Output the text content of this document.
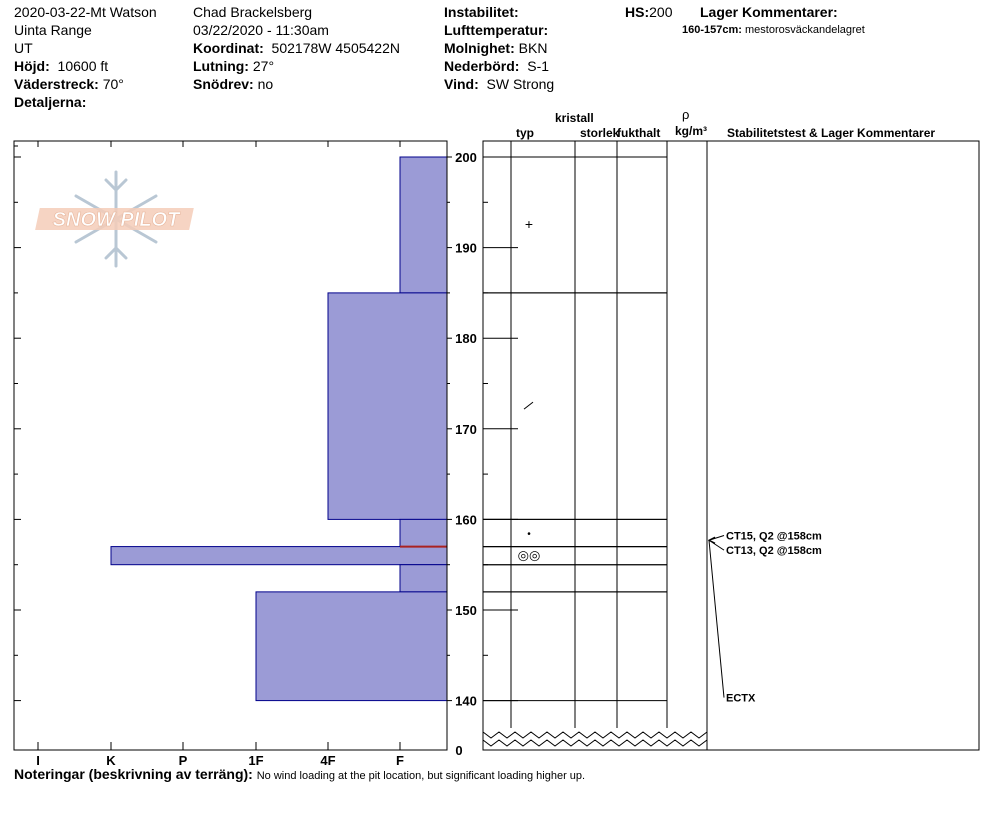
2020-03-22-Mt Watson
Uinta Range
UT
Höjd: 10600 ft
Väderstreck: 70°
Detaljerna:
Chad Brackelsberg
03/22/2020 - 11:30am
Koordinat: 502178W 4505422N
Lutning: 27°
Snödrev: no
Instabilitet:
Lufttemperatur:
Molnighet: BKN
Nederbörd: S-1
Vind: SW Strong
HS:200 Lager Kommentarer:
160-157cm: mestorosväckandelagret
kristall
typ	storlek
fukthalt
ρ
kg/m³ Stabilitetstest & Lager Kommentarer
I	K	P	1F	4F	F
140
150
160
170
180
190
200
0
+
•
◎◎
CT15, Q2 @158cm
CT13, Q2 @158cm
ECTX
SNOW PILOT
Noteringar (beskrivning av terräng): No wind loading at the pit location, but significant loading higher up.
